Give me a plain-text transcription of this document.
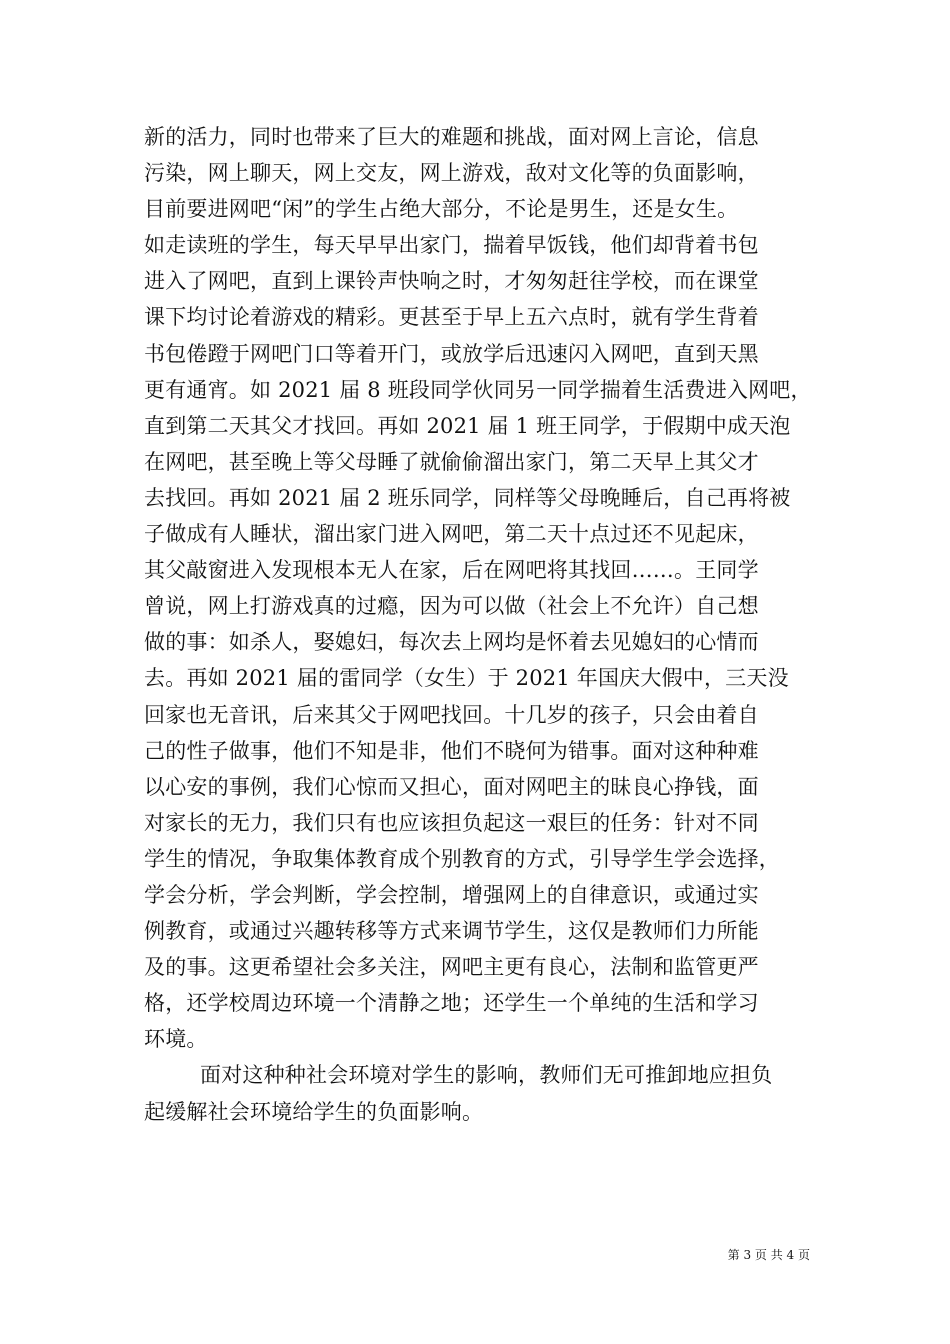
新的活力，同时也带来了巨大的难题和挑战，面对网上言论，信息
污染，网上聊天，网上交友，网上游戏，敌对文化等的负面影响，
目前要进网吧“闲”的学生占绝大部分，不论是男生，还是女生。
如走读班的学生，每天早早出家门，揣着早饭钱，他们却背着书包
进入了网吧，直到上课铃声快响之时，才匆匆赶往学校，而在课堂
课下均讨论着游戏的精彩。更甚至于早上五六点时，就有学生背着
书包倦蹬于网吧门口等着开门，或放学后迅速闪入网吧，直到天黑
更有通宵。如 2021 届 8 班段同学伙同另一同学揣着生活费进入网吧，
直到第二天其父才找回。再如 2021 届 1 班王同学，于假期中成天泡
在网吧，甚至晚上等父母睡了就偷偷溜出家门，第二天早上其父才
去找回。再如 2021 届 2 班乐同学，同样等父母晚睡后，自己再将被
子做成有人睡状，溜出家门进入网吧，第二天十点过还不见起床，
其父敲窗进入发现根本无人在家，后在网吧将其找回……。王同学
曾说，网上打游戏真的过瘾，因为可以做（社会上不允许）自己想
做的事：如杀人，娶媳妇，每次去上网均是怀着去见媳妇的心情而
去。再如 2021 届的雷同学（女生）于 2021 年国庆大假中，三天没
回家也无音讯，后来其父于网吧找回。十几岁的孩子，只会由着自
己的性子做事，他们不知是非，他们不晓何为错事。面对这种种难
以心安的事例，我们心惊而又担心，面对网吧主的昧良心挣钱，面
对家长的无力，我们只有也应该担负起这一艰巨的任务：针对不同
学生的情况，争取集体教育成个别教育的方式，引导学生学会选择，
学会分析，学会判断，学会控制，增强网上的自律意识，或通过实
例教育，或通过兴趣转移等方式来调节学生，这仅是教师们力所能
及的事。这更希望社会多关注，网吧主更有良心，法制和监管更严
格，还学校周边环境一个清静之地；还学生一个单纯的生活和学习
环境。
面对这种种社会环境对学生的影响，教师们无可推卸地应担负
起缓解社会环境给学生的负面影响。
第 3 页 共 4 页
